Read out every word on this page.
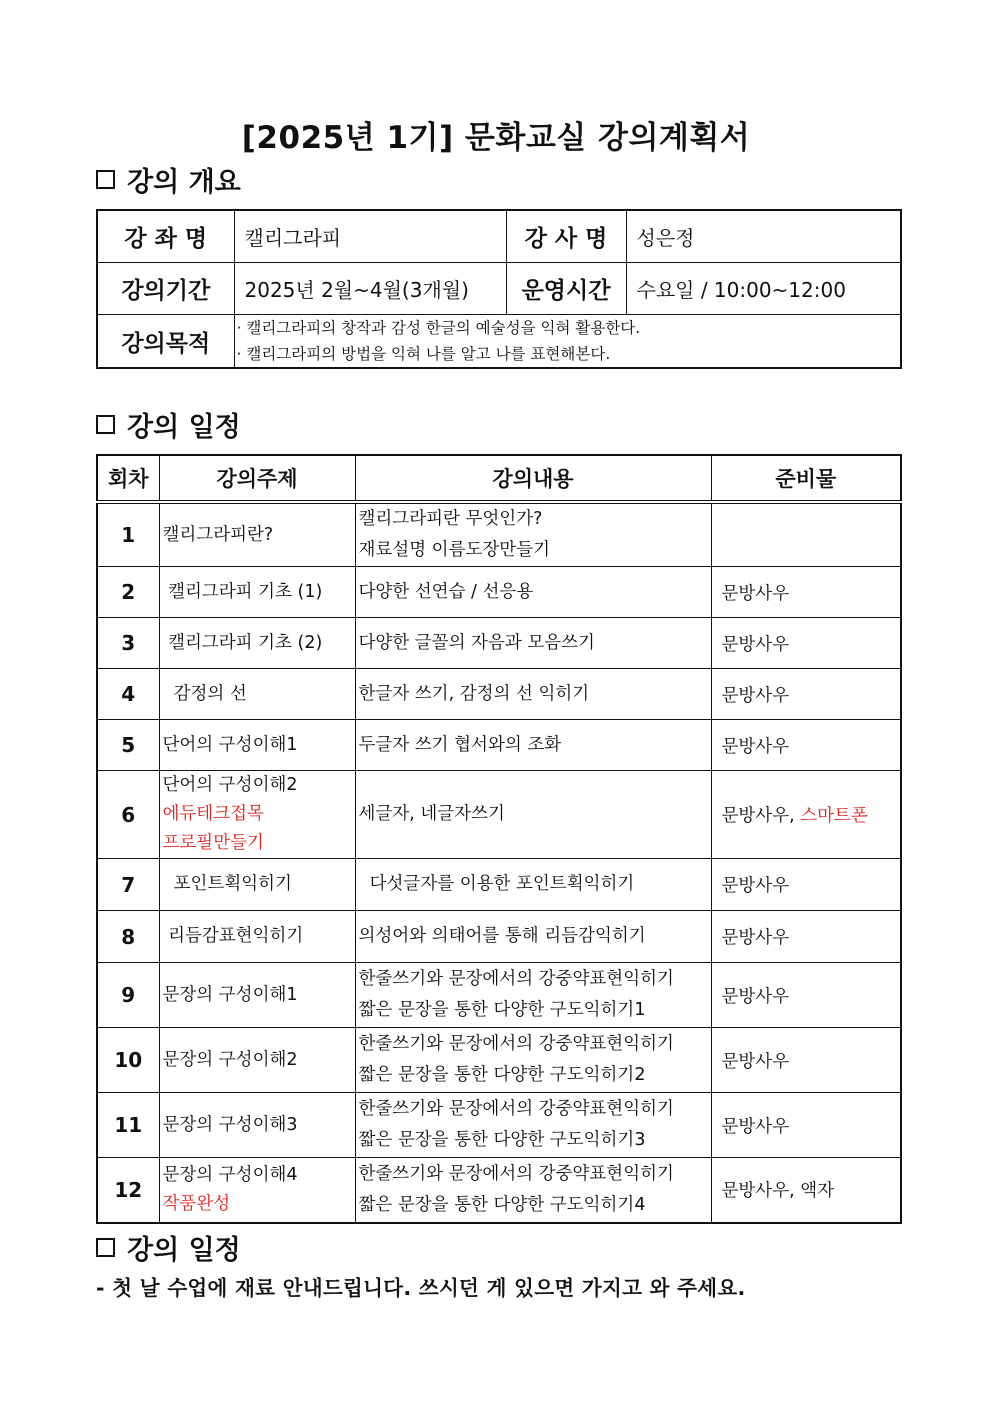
[2025년 1기] 문화교실 강의계획서
강의 개요
강 좌 명	캘리그라피	강 사 명	성은정
강의기간	2025년 2월~4월(3개월)	운영시간	수요일 / 10:00~12:00
강의목적	· 캘리그라피의 창작과 감성 한글의 예술성을 익혀 활용한다.
· 캘리그라피의 방법을 익혀 나를 알고 나를 표현해본다.		
강의 일정
회차	강의주제	강의내용	준비물
1	캘리그라피란?	캘리그라피란 무엇인가?
재료설명 이름도장만들기	

2	캘리그라피 기초 (1)	다양한 선연습 / 선응용	문방사우
3	캘리그라피 기초 (2)	다양한 글꼴의 자음과 모음쓰기	문방사우
4	감정의 선	한글자 쓰기, 감정의 선 익히기	문방사우
5	단어의 구성이해1	두글자 쓰기 협서와의 조화	문방사우
6	단어의 구성이해2
에듀테크접목
프로필만들기	세글자, 네글자쓰기	문방사우, 스마트폰
7	포인트획익히기	다섯글자를 이용한 포인트획익히기	문방사우
8	리듬감표현익히기	의성어와 의태어를 통해 리듬감익히기	문방사우
9	문장의 구성이해1	한줄쓰기와 문장에서의 강중약표현익히기
짧은 문장을 통한 다양한 구도익히기1	문방사우
10	문장의 구성이해2	한줄쓰기와 문장에서의 강중약표현익히기
짧은 문장을 통한 다양한 구도익히기2	문방사우
11	문장의 구성이해3	한줄쓰기와 문장에서의 강중약표현익히기
짧은 문장을 통한 다양한 구도익히기3	문방사우
12	문장의 구성이해4
작품완성	한줄쓰기와 문장에서의 강중약표현익히기
짧은 문장을 통한 다양한 구도익히기4	문방사우, 액자
강의 일정
- 첫 날 수업에 재료 안내드립니다. 쓰시던 게 있으면 가지고 와 주세요.
